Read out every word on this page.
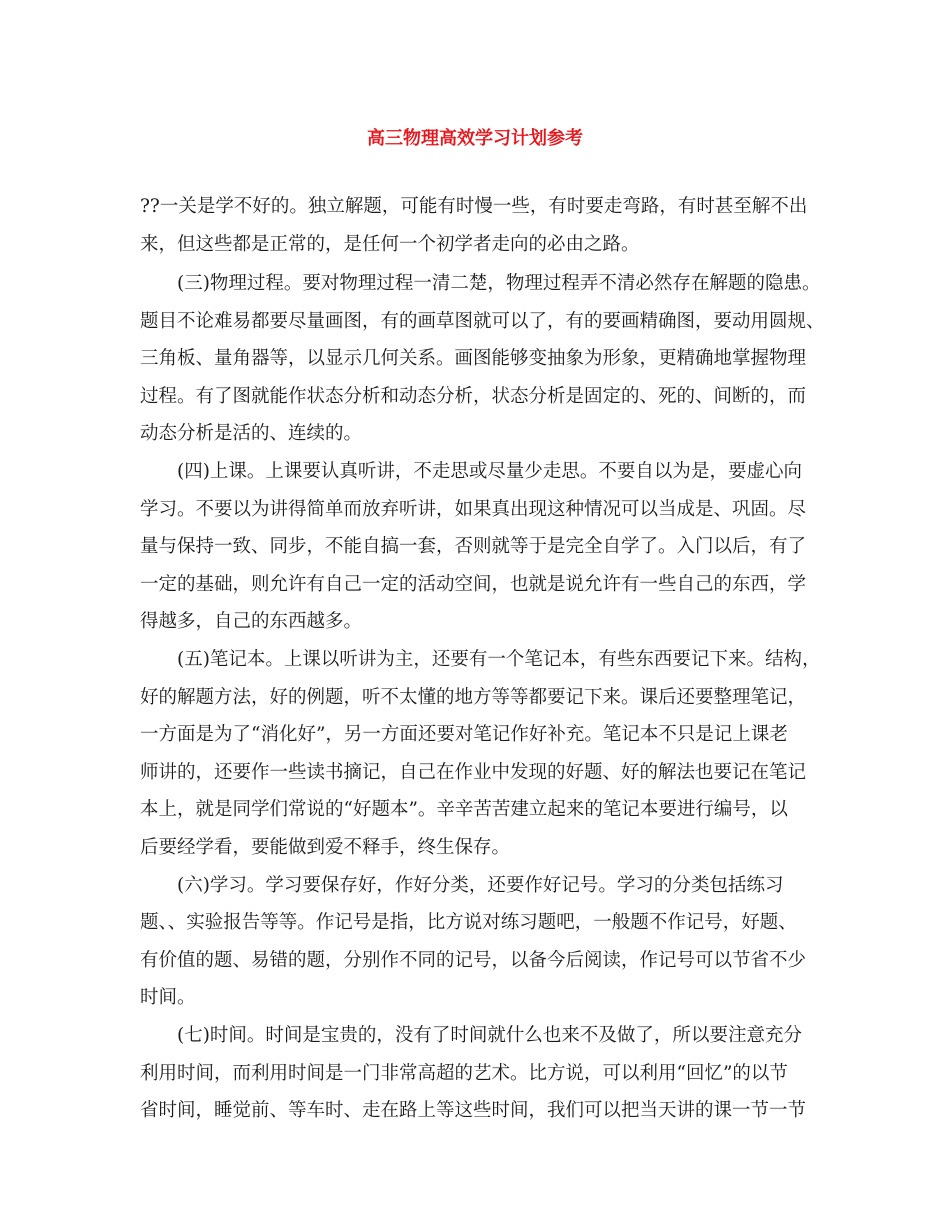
高三物理高效学习计划参考
??一关是学不好的。独立解题，可能有时慢一些，有时要走弯路，有时甚至解不出
来，但这些都是正常的，是任何一个初学者走向的必由之路。
(三)物理过程。要对物理过程一清二楚，物理过程弄不清必然存在解题的隐患。
题目不论难易都要尽量画图，有的画草图就可以了，有的要画精确图，要动用圆规、
三角板、量角器等，以显示几何关系。画图能够变抽象为形象，更精确地掌握物理
过程。有了图就能作状态分析和动态分析，状态分析是固定的、死的、间断的，而
动态分析是活的、连续的。
(四)上课。上课要认真听讲，不走思或尽量少走思。不要自以为是，要虚心向
学习。不要以为讲得简单而放弃听讲，如果真出现这种情况可以当成是、巩固。尽
量与保持一致、同步，不能自搞一套，否则就等于是完全自学了。入门以后，有了
一定的基础，则允许有自己一定的活动空间，也就是说允许有一些自己的东西，学
得越多，自己的东西越多。
(五)笔记本。上课以听讲为主，还要有一个笔记本，有些东西要记下来。结构，
好的解题方法，好的例题，听不太懂的地方等等都要记下来。课后还要整理笔记，
一方面是为了“消化好”，另一方面还要对笔记作好补充。笔记本不只是记上课老
师讲的，还要作一些读书摘记，自己在作业中发现的好题、好的解法也要记在笔记
本上，就是同学们常说的“好题本”。辛辛苦苦建立起来的笔记本要进行编号，以
后要经学看，要能做到爱不释手，终生保存。
(六)学习。学习要保存好，作好分类，还要作好记号。学习的分类包括练习
题、、实验报告等等。作记号是指，比方说对练习题吧，一般题不作记号，好题、
有价值的题、易错的题，分别作不同的记号，以备今后阅读，作记号可以节省不少
时间。
(七)时间。时间是宝贵的，没有了时间就什么也来不及做了，所以要注意充分
利用时间，而利用时间是一门非常高超的艺术。比方说，可以利用“回忆”的以节
省时间，睡觉前、等车时、走在路上等这些时间，我们可以把当天讲的课一节一节
